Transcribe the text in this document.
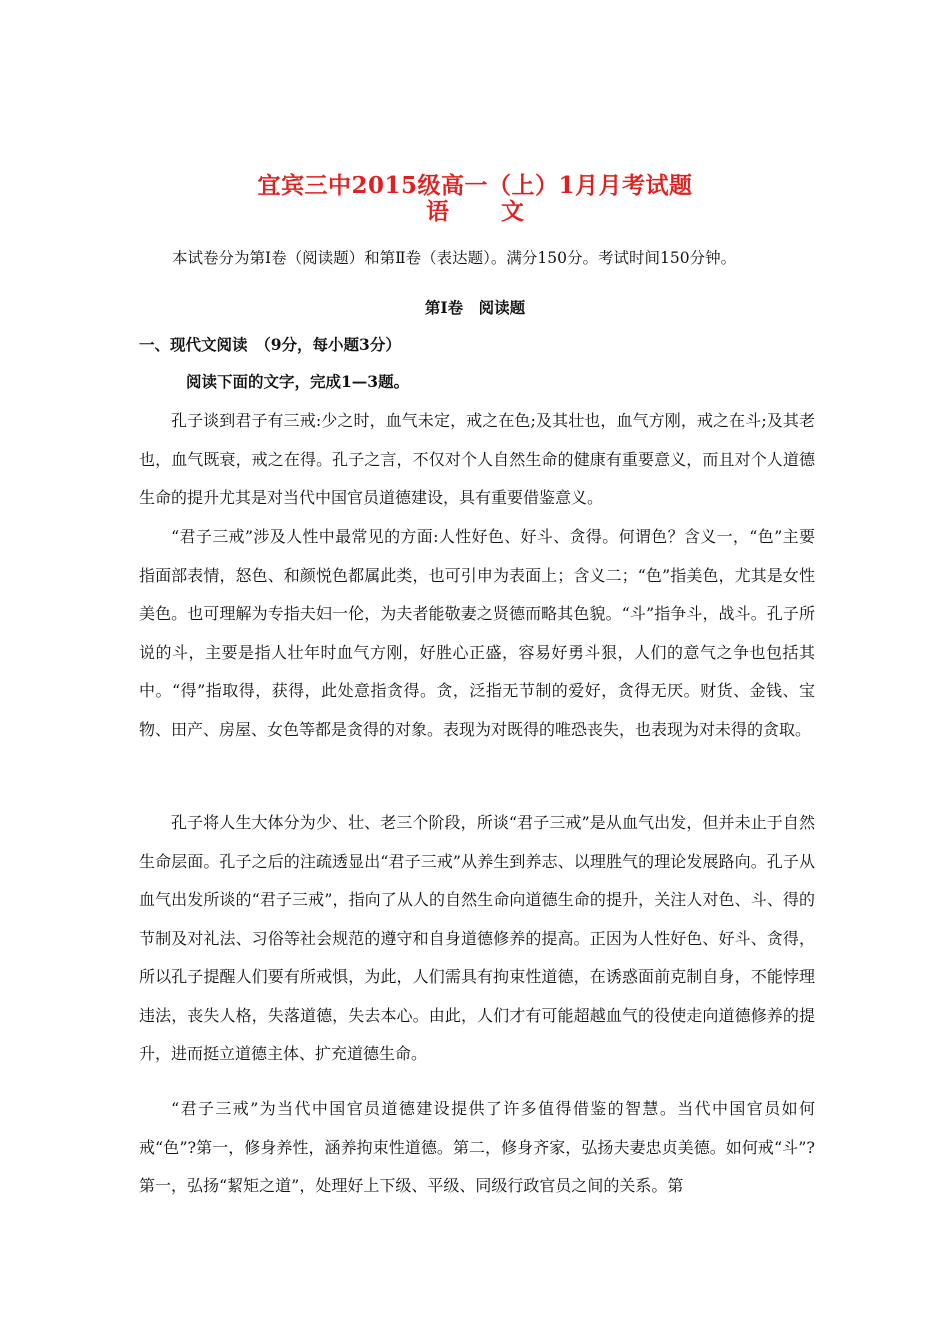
宜宾三中2015级高一（上）1月月考试题
语 文
本试卷分为第Ⅰ卷（阅读题）和第Ⅱ卷（表达题）。满分150分。考试时间150分钟。
第Ⅰ卷　阅读题
一、现代文阅读　（9分，每小题3分）
阅读下面的文字，完成1—3题。

孔子谈到君子有三戒:少之时，血气未定，戒之在色;及其壮也，血气方刚，戒之在斗;及其老也，血气既衰，戒之在得。孔子之言，不仅对个人自然生命的健康有重要意义，而且对个人道德生命的提升尤其是对当代中国官员道德建设，具有重要借鉴意义。

“君子三戒”涉及人性中最常见的方面:人性好色、好斗、贪得。何谓色？含义一，“色”主要指面部表情，怒色、和颜悦色都属此类，也可引申为表面上；含义二；“色”指美色，尤其是女性美色。也可理解为专指夫妇一伦，为夫者能敬妻之贤德而略其色貌。“斗”指争斗，战斗。孔子所说的斗，主要是指人壮年时血气方刚，好胜心正盛，容易好勇斗狠，人们的意气之争也包括其中。“得”指取得，获得，此处意指贪得。贪，泛指无节制的爱好，贪得无厌。财货、金钱、宝物、田产、房屋、女色等都是贪得的对象。表现为对既得的唯恐丧失，也表现为对未得的贪取。

孔子将人生大体分为少、壮、老三个阶段，所谈“君子三戒”是从血气出发，但并未止于自然生命层面。孔子之后的注疏透显出“君子三戒”从养生到养志、以理胜气的理论发展路向。孔子从血气出发所谈的“君子三戒”，指向了从人的自然生命向道德生命的提升，关注人对色、斗、得的节制及对礼法、习俗等社会规范的遵守和自身道德修养的提高。正因为人性好色、好斗、贪得，所以孔子提醒人们要有所戒惧，为此，人们需具有拘束性道德，在诱惑面前克制自身，不能悖理违法，丧失人格，失落道德，失去本心。由此，人们才有可能超越血气的役使走向道德修养的提升，进而挺立道德主体、扩充道德生命。

“君子三戒”为当代中国官员道德建设提供了许多值得借鉴的智慧。当代中国官员如何戒“色”?第一，修身养性，涵养拘束性道德。第二，修身齐家，弘扬夫妻忠贞美德。如何戒“斗”?第一，弘扬“絜矩之道”，处理好上下级、平级、同级行政官员之间的关系。第
